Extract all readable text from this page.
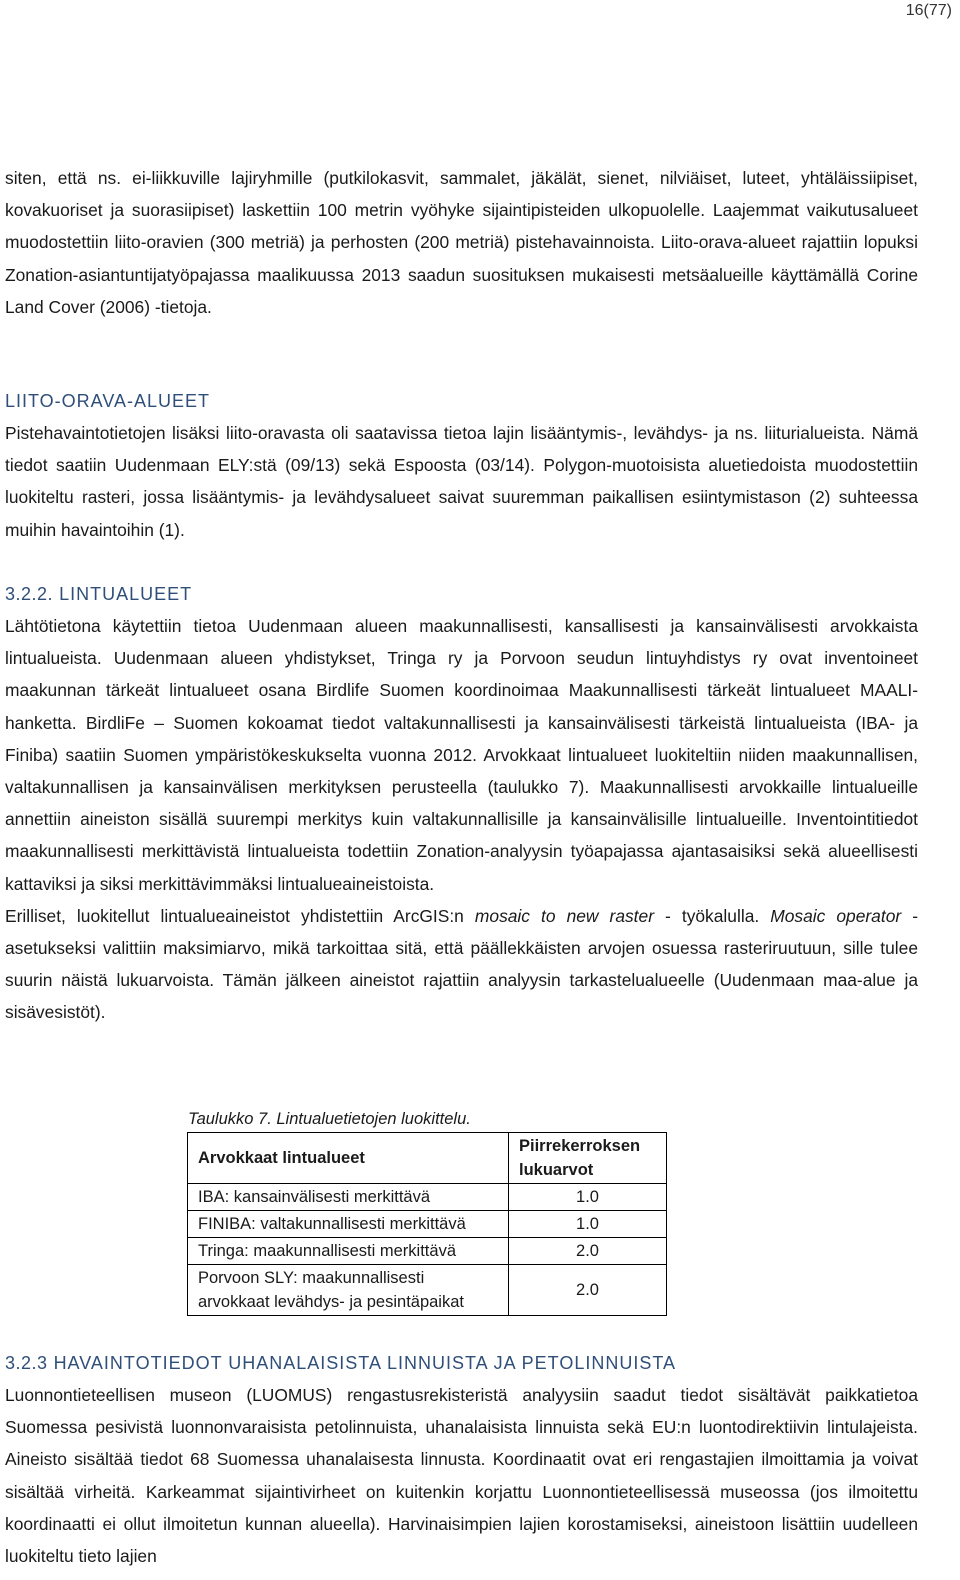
16(77)

siten, että ns. ei-liikkuville lajiryhmille (putkilokasvit, sammalet, jäkälät, sienet, nilviäiset, luteet, yhtäläissiipiset, kovakuoriset ja suorasiipiset) laskettiin 100 metrin vyöhyke sijaintipisteiden ulkopuolelle. Laajemmat vaikutusalueet muodostettiin liito-oravien (300 metriä) ja perhosten (200 metriä) pistehavainnoista. Liito-orava-alueet rajattiin lopuksi Zonation-asiantuntijatyöpajassa maalikuussa 2013 saadun suosituksen mukaisesti metsäalueille käyttämällä Corine Land Cover (2006) -tietoja.

LIITO-ORAVA-ALUEET

Pistehavaintotietojen lisäksi liito-oravasta oli saatavissa tietoa lajin lisääntymis-, levähdys- ja ns. liiturialueista. Nämä tiedot saatiin Uudenmaan ELY:stä (09/13) sekä Espoosta (03/14). Polygon-muotoisista aluetiedoista muodostettiin luokiteltu rasteri, jossa lisääntymis- ja levähdysalueet saivat suuremman paikallisen esiintymistason (2) suhteessa muihin havaintoihin (1).

3.2.2. LINTUALUEET

Lähtötietona käytettiin tietoa Uudenmaan alueen maakunnallisesti, kansallisesti ja kansainvälisesti arvokkaista lintualueista. Uudenmaan alueen yhdistykset, Tringa ry ja Porvoon seudun lintuyhdistys ry ovat inventoineet maakunnan tärkeät lintualueet osana Birdlife Suomen koordinoimaa Maakunnallisesti tärkeät lintualueet MAALI-hanketta. BirdliFe – Suomen kokoamat tiedot valtakunnallisesti ja kansainvälisesti tärkeistä lintualueista (IBA- ja Finiba) saatiin Suomen ympäristökeskukselta vuonna 2012. Arvokkaat lintualueet luokiteltiin niiden maakunnallisen, valtakunnallisen ja kansainvälisen merkityksen perusteella (taulukko 7). Maakunnallisesti arvokkaille lintualueille annettiin aineiston sisällä suurempi merkitys kuin valtakunnallisille ja kansainvälisille lintualueille. Inventointitiedot maakunnallisesti merkittävistä lintualueista todettiin Zonation-analyysin työapajassa ajantasaisiksi sekä alueellisesti kattaviksi ja siksi merkittävimmäksi lintualueaineistoista.

Erilliset, luokitellut lintualueaineistot yhdistettiin ArcGIS:n mosaic to new raster - työkalulla. Mosaic operator -asetukseksi valittiin maksimiarvo, mikä tarkoittaa sitä, että päällekkäisten arvojen osuessa rasteriruutuun, sille tulee suurin näistä lukuarvoista. Tämän jälkeen aineistot rajattiin analyysin tarkastelualueelle (Uudenmaan maa-alue ja sisävesistöt).

Taulukko 7. Lintualuetietojen luokittelu.
Arvokkaat lintualueet	Piirrekerroksen lukuarvot
IBA: kansainvälisesti merkittävä	1.0
FINIBA: valtakunnallisesti merkittävä	1.0
Tringa: maakunnallisesti merkittävä	2.0
Porvoon SLY: maakunnallisesti arvokkaat levähdys- ja pesintäpaikat	2.0
3.2.3 HAVAINTOTIEDOT UHANALAISISTA LINNUISTA JA PETOLINNUISTA

Luonnontieteellisen museon (LUOMUS) rengastusrekisteristä analyysiin saadut tiedot sisältävät paikkatietoa Suomessa pesivistä luonnonvaraisista petolinnuista, uhanalaisista linnuista sekä EU:n luontodirektiivin lintulajeista. Aineisto sisältää tiedot 68 Suomessa uhanalaisesta linnusta. Koordinaatit ovat eri rengastajien ilmoittamia ja voivat sisältää virheitä. Karkeammat sijaintivirheet on kuitenkin korjattu Luonnontieteellisessä museossa (jos ilmoitettu koordinaatti ei ollut ilmoitetun kunnan alueella). Harvinaisimpien lajien korostamiseksi, aineistoon lisättiin uudelleen luokiteltu tieto lajien
